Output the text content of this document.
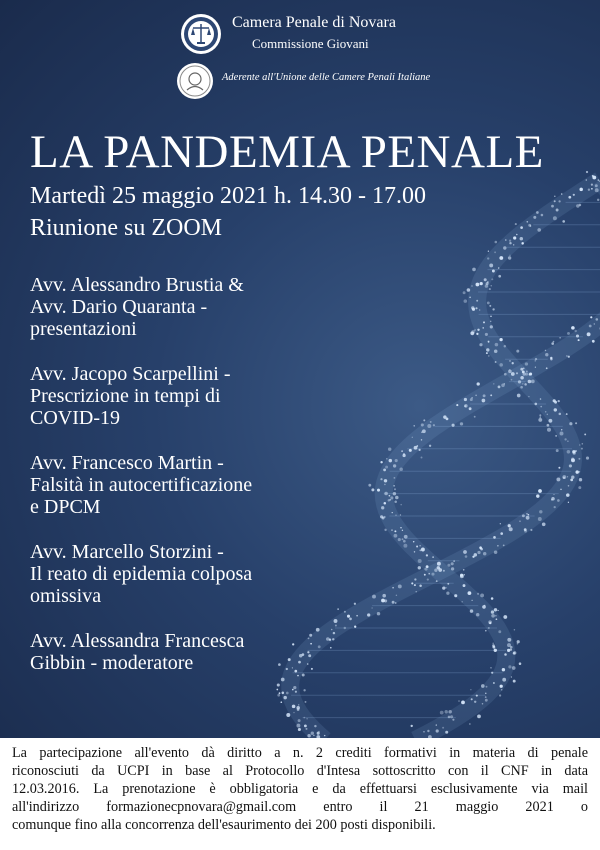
Camera Penale di Novara
Commissione Giovani
Aderente all'Unione delle Camere Penali Italiane
LA PANDEMIA PENALE
Martedì 25 maggio 2021 h. 14.30 - 17.00
Riunione su ZOOM
Avv. Alessandro Brustia &
Avv. Dario Quaranta -
presentazioni
Avv. Jacopo Scarpellini -
Prescrizione in tempi di
COVID-19
Avv. Francesco Martin -
Falsità in autocertificazione
e DPCM
Avv. Marcello Storzini -
Il reato di epidemia colposa
omissiva
Avv. Alessandra Francesca
Gibbin - moderatore

La partecipazione all'evento dà diritto a n. 2 crediti formativi in materia di penale
riconosciuti da UCPI in base al Protocollo d'Intesa sottoscritto con il CNF in data
12.03.2016. La prenotazione è obbligatoria e da effettuarsi esclusivamente via mail
all'indirizzo formazionecpnovara@gmail.com entro il 21 maggio 2021 o
comunque fino alla concorrenza dell'esaurimento dei 200 posti disponibili.
